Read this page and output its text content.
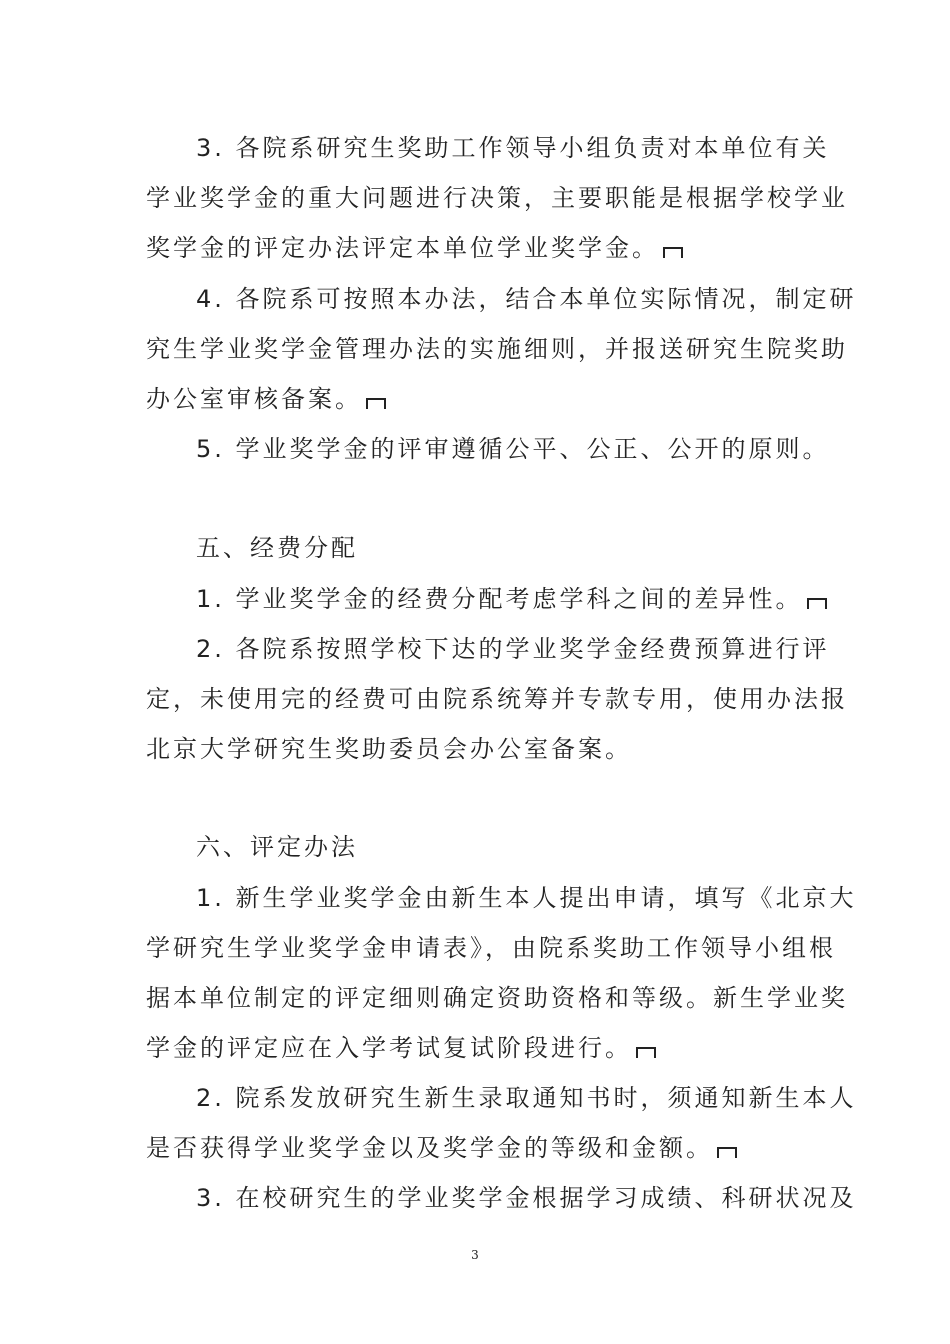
3. 各院系研究生奖助工作领导小组负责对本单位有关
学业奖学金的重大问题进行决策，主要职能是根据学校学业
奖学金的评定办法评定本单位学业奖学金。
4. 各院系可按照本办法，结合本单位实际情况，制定研
究生学业奖学金管理办法的实施细则，并报送研究生院奖助
办公室审核备案。
5. 学业奖学金的评审遵循公平、公正、公开的原则。
五、经费分配
1. 学业奖学金的经费分配考虑学科之间的差异性。
2. 各院系按照学校下达的学业奖学金经费预算进行评
定，未使用完的经费可由院系统筹并专款专用，使用办法报
北京大学研究生奖助委员会办公室备案。
六、评定办法
1. 新生学业奖学金由新生本人提出申请，填写《北京大
学研究生学业奖学金申请表》，由院系奖助工作领导小组根
据本单位制定的评定细则确定资助资格和等级。新生学业奖
学金的评定应在入学考试复试阶段进行。
2. 院系发放研究生新生录取通知书时，须通知新生本人
是否获得学业奖学金以及奖学金的等级和金额。
3. 在校研究生的学业奖学金根据学习成绩、科研状况及
3
